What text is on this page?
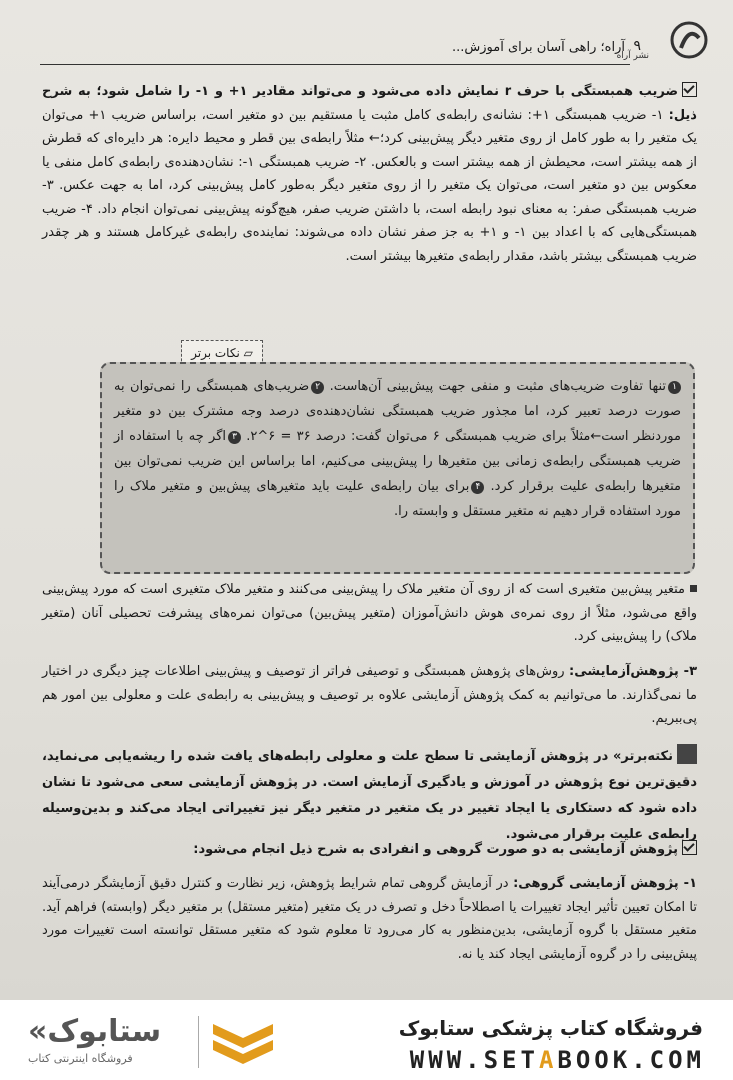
نشر آراه
۹
آراه؛ راهی آسان برای آموزش...
ضریب همبستگی با حرف r نمایش داده می‌شود و می‌تواند مقادیر ۱+ و ۱- را شامل شود؛ به شرح ذیل: ۱- ضریب همبستگی ۱+: نشانه‌ی رابطه‌ی کامل مثبت یا مستقیم بین دو متغیر است، براساس ضریب ۱+ می‌توان یک متغیر را به طور کامل از روی متغیر دیگر پیش‌بینی کرد؛← مثلاً رابطه‌ی بین قطر و محیط دایره: هر دایره‌ای که قطرش از همه بیشتر است، محیطش از همه بیشتر است و بالعکس. ۲- ضریب همبستگی ۱-: نشان‌دهنده‌ی رابطه‌ی کامل منفی یا معکوس بین دو متغیر است، می‌توان یک متغیر را از روی متغیر دیگر به‌طور کامل پیش‌بینی کرد، اما به جهت عکس. ۳- ضریب همبستگی صفر: به معنای نبود رابطه است، با داشتن ضریب صفر، هیچ‌گونه پیش‌بینی نمی‌توان انجام داد. ۴- ضریب همبستگی‌هایی که با اعداد بین ۱- و ۱+ به جز صفر نشان داده می‌شوند: نماینده‌ی رابطه‌ی غیرکامل هستند و هر چقدر ضریب همبستگی بیشتر باشد، مقدار رابطه‌ی متغیرها بیشتر است.
▱ نکات برتر
۱تنها تفاوت ضریب‌های مثبت و منفی جهت پیش‌بینی آن‌هاست. ۲ضریب‌های همبستگی را نمی‌توان به صورت درصد تعبیر کرد، اما مجذور ضریب همبستگی نشان‌دهنده‌ی درصد وجه مشترک بین دو متغیر موردنظر است←مثلاً برای ضریب همبستگی ۶ می‌توان گفت: درصد ۳۶ = ۶^۲. ۳اگر چه با استفاده از ضریب همبستگی رابطه‌ی زمانی بین متغیرها را پیش‌بینی می‌کنیم، اما براساس این ضریب نمی‌توان بین متغیرها رابطه‌ی علیت برقرار کرد. ۴برای بیان رابطه‌ی علیت باید متغیرهای پیش‌بین و متغیر ملاک را مورد استفاده قرار دهیم نه متغیر مستقل و وابسته را.
متغیر پیش‌بین متغیری است که از روی آن متغیر ملاک را پیش‌بینی می‌کنند و متغیر ملاک متغیری است که مورد پیش‌بینی واقع می‌شود، مثلاً از روی نمره‌ی هوش دانش‌آموزان (متغیر پیش‌بین) می‌توان نمره‌های پیشرفت تحصیلی آنان (متغیر ملاک) را پیش‌بینی کرد.
۳- پژوهش‌آزمایشی: روش‌های پژوهش همبستگی و توصیفی فراتر از توصیف و پیش‌بینی اطلاعات چیز دیگری در اختیار ما نمی‌گذارند. ما می‌توانیم به کمک پژوهش آزمایشی علاوه بر توصیف و پیش‌بینی به رابطه‌ی علت و معلولی بین امور هم پی‌ببریم.
نکته‌برتر» در پژوهش آزمایشی تا سطح علت و معلولی رابطه‌های یافت شده را ریشه‌یابی می‌نماید، دقیق‌ترین نوع پژوهش در آموزش و یادگیری آزمایش است. در پژوهش آزمایشی سعی می‌شود تا نشان داده شود که دستکاری یا ایجاد تغییر در یک متغیر در متغیر دیگر نیز تغییراتی ایجاد می‌کند و بدین‌وسیله رابطه‌ی علیت برقرار می‌شود.
پژوهش آزمایشی به دو صورت گروهی و انفرادی به شرح ذیل انجام می‌شود:
۱- پژوهش آزمایشی گروهی: در آزمایش گروهی تمام شرایط پژوهش، زیر نظارت و کنترل دقیق آزمایشگر درمی‌آیند تا امکان تعیین تأثیر ایجاد تغییرات یا اصطلاحاً دخل و تصرف در یک متغیر (متغیر مستقل) بر متغیر دیگر (وابسته) فراهم آید. متغیر مستقل با گروه آزمایشی، بدین‌منظور به کار می‌رود تا معلوم شود که متغیر مستقل توانسته است تغییرات مورد پیش‌بینی را در گروه آزمایشی ایجاد کند یا نه.
ستابوک»
فروشگاه اینترنتی کتاب
فروشگاه کتاب پزشکی ستابوک
WWW.SETABOOK.COM
